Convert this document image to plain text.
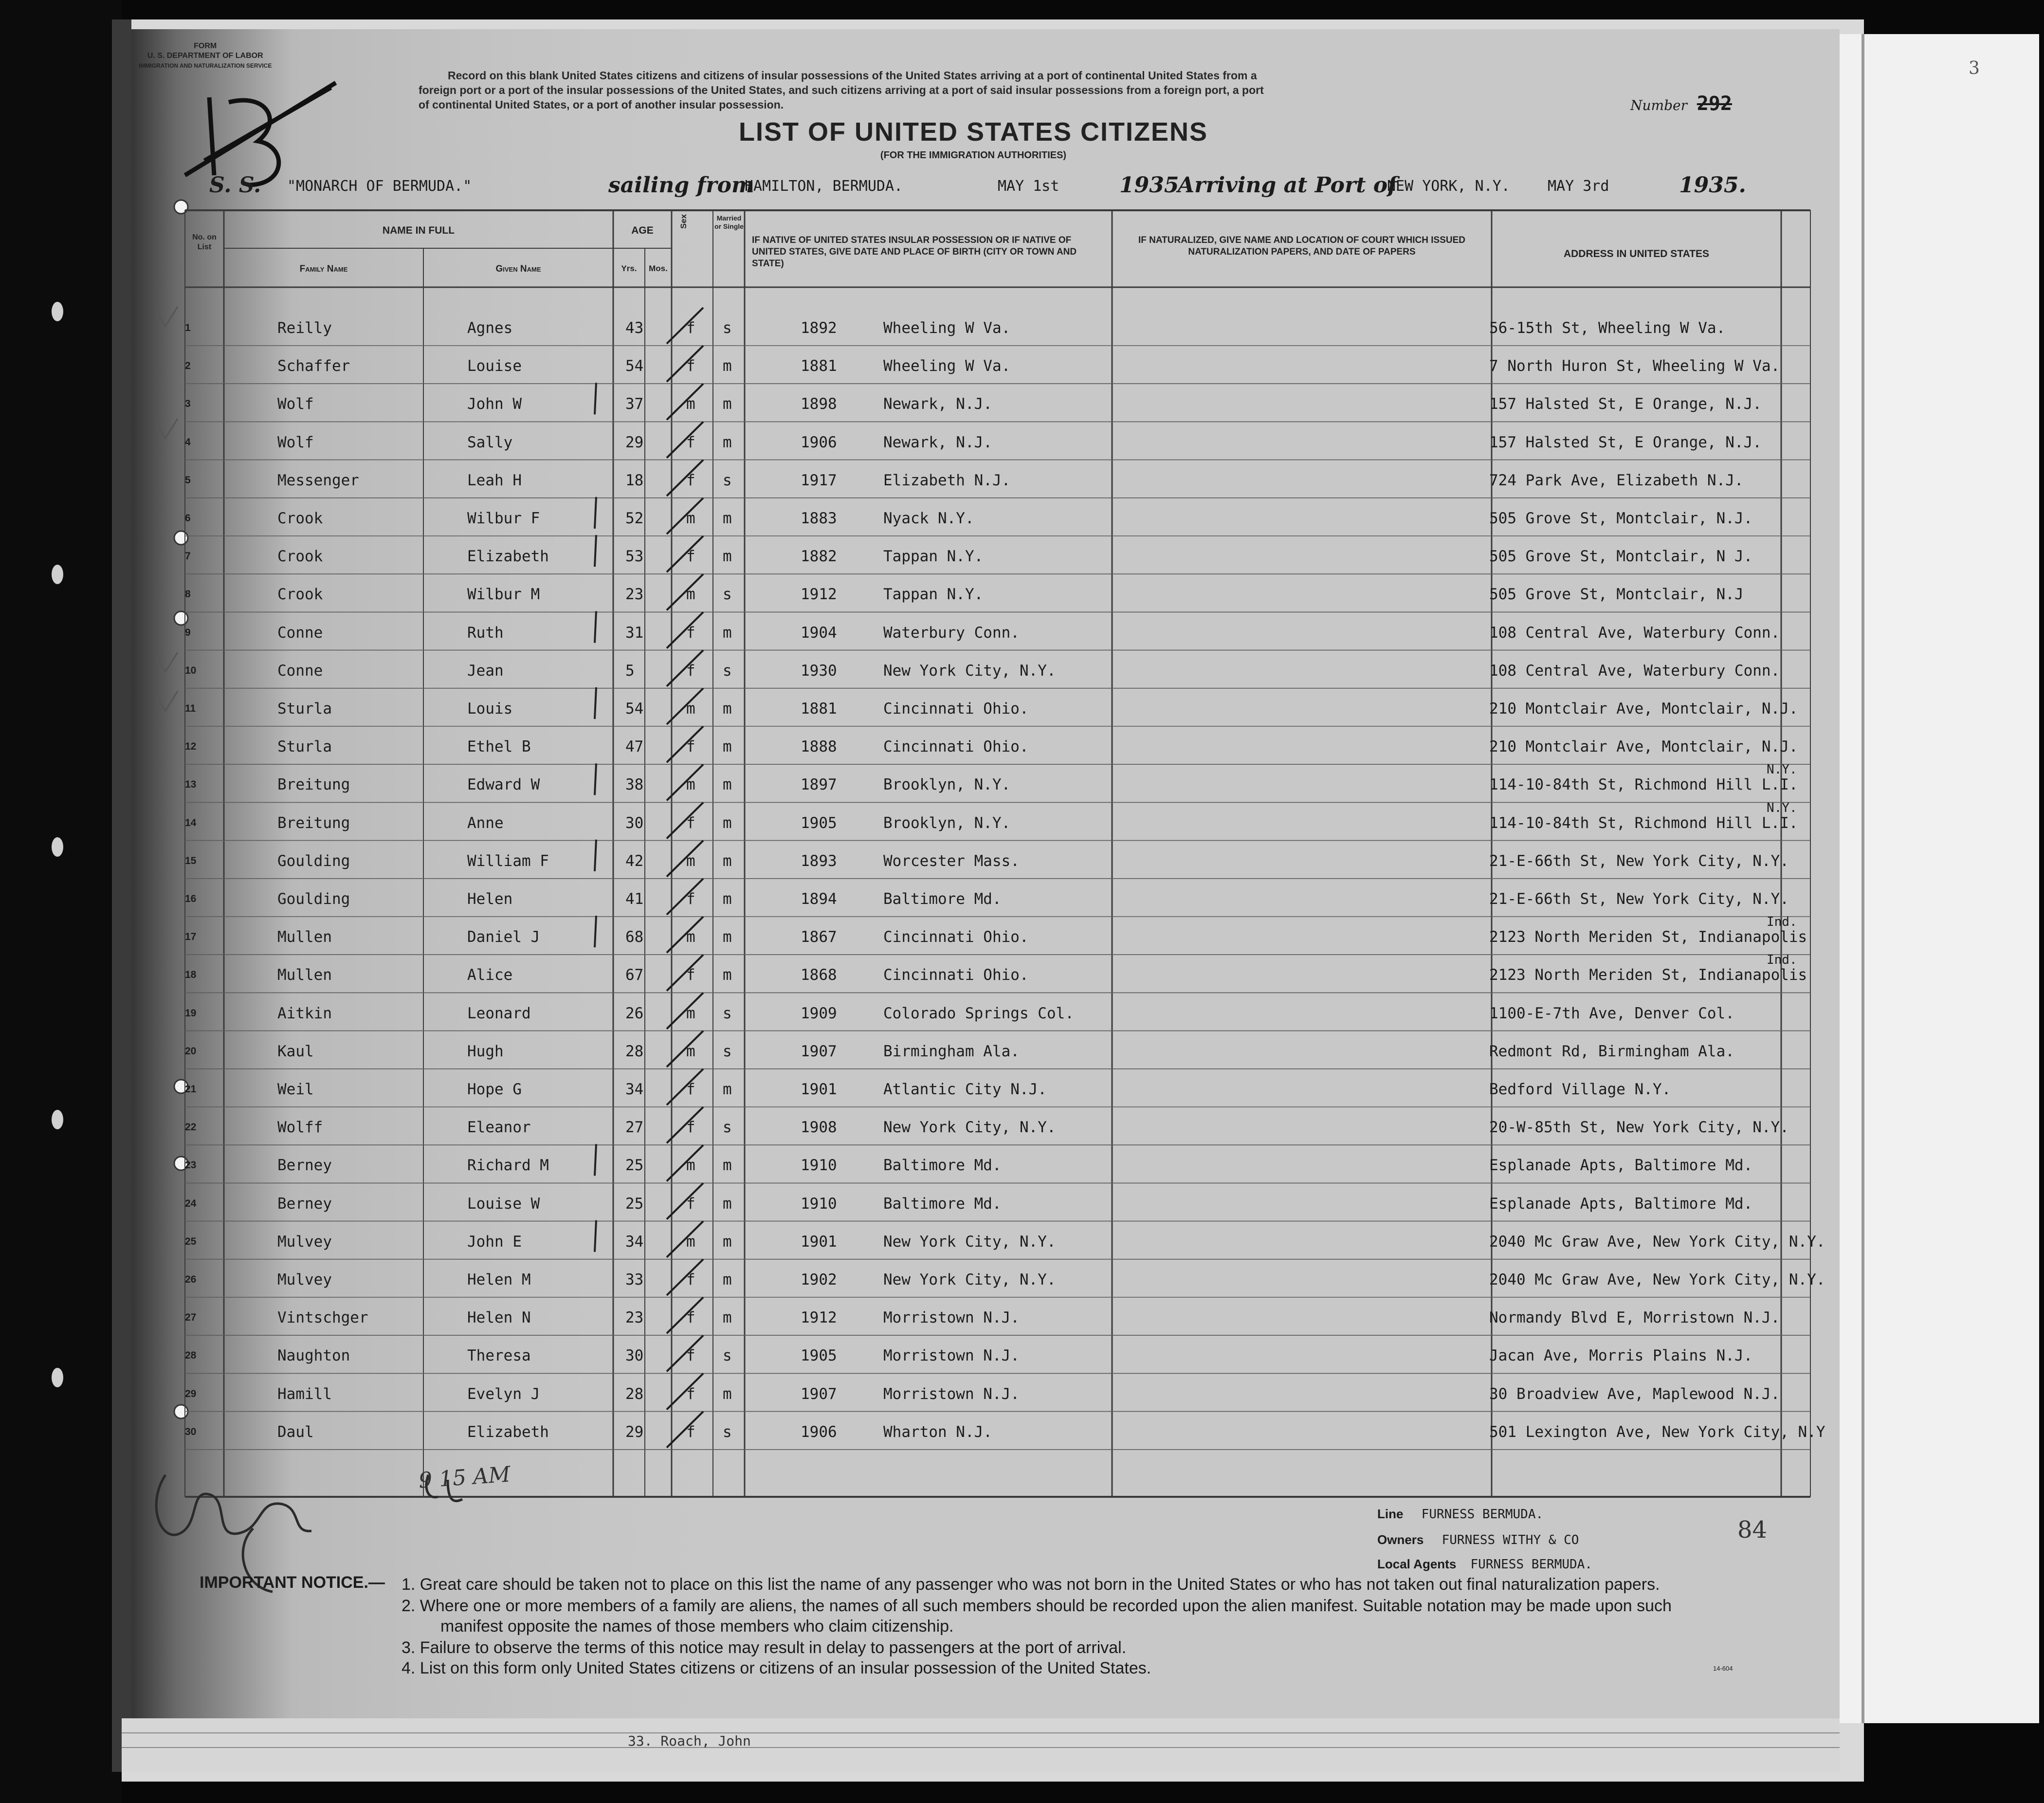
FORM
U. S. DEPARTMENT OF LABOR
IMMIGRATION AND NATURALIZATION SERVICE
Record on this blank United States citizens and citizens of insular possessions of the United States arriving at a port of continental United States from a
foreign port or a port of the insular possessions of the United States, and such citizens arriving at a port of said insular possessions from a foreign port, a port
of continental United States, or a port of another insular possession.	Number 292
LIST OF UNITED STATES CITIZENS
(FOR THE IMMIGRATION AUTHORITIES)
S. S. "MONARCH OF BERMUDA."	sailing from
HAMILTON, BERMUDA.	MAY 1st	1935
Arriving at Port of
NEW YORK, N.Y.	MAY 3rd	1935.
No. on List
NAME IN FULL
Family Name	Given Name
AGE
Yrs.	Mos.
Sex	Married or Single
IF NATIVE OF UNITED STATES INSULAR POSSESSION OR IF NATIVE OF UNITED STATES, GIVE DATE AND PLACE OF BIRTH (CITY OR TOWN AND STATE)
IF NATURALIZED, GIVE NAME AND LOCATION OF COURT WHICH ISSUED NATURALIZATION PAPERS, AND DATE OF PAPERS	ADDRESS IN UNITED STATES
1	Reilly	Agnes	43	f s	1892	Wheeling W Va.	56-15th St, Wheeling W Va.
2	Schaffer	Louise	54	f m	1881	Wheeling W Va.	7 North Huron St, Wheeling W Va.
3	Wolf	John W	37	m m	1898	Newark, N.J.	157 Halsted St, E Orange, N.J.
4	Wolf	Sally	29	f m	1906	Newark, N.J.	157 Halsted St, E Orange, N.J.
5	Messenger	Leah H	18	f s	1917	Elizabeth N.J.	724 Park Ave, Elizabeth N.J.
6	Crook	Wilbur F	52	m m	1883	Nyack N.Y.	505 Grove St, Montclair, N.J.
7	Crook	Elizabeth	53	f m	1882	Tappan N.Y.	505 Grove St, Montclair, N J.
8	Crook	Wilbur M	23	m s	1912	Tappan N.Y.	505 Grove St, Montclair, N.J
9	Conne	Ruth	31	f m	1904	Waterbury Conn.	108 Central Ave, Waterbury Conn.
10	Conne	Jean	5	f s	1930	New York City, N.Y.	108 Central Ave, Waterbury Conn.
11	Sturla	Louis	54	m m	1881	Cincinnati Ohio.	210 Montclair Ave, Montclair, N.J.
12	Sturla	Ethel B	47	f m	1888	Cincinnati Ohio.	210 Montclair Ave, Montclair, N.J.
13	Breitung	Edward W	38	m m	1897	Brooklyn, N.Y.	114-10-84th St, Richmond Hill L.I.
N.Y.
14	Breitung	Anne	30	f m	1905	Brooklyn, N.Y.	114-10-84th St, Richmond Hill L.I.
N.Y.
15	Goulding	William F	42	m m	1893	Worcester Mass.	21-E-66th St, New York City, N.Y.
16	Goulding	Helen	41	f m	1894	Baltimore Md.	21-E-66th St, New York City, N.Y.
17	Mullen	Daniel J	68	m m	1867	Cincinnati Ohio.	2123 North Meriden St, Indianapolis
Ind.
18	Mullen	Alice	67	f m	1868	Cincinnati Ohio.	2123 North Meriden St, Indianapolis
Ind.
19	Aitkin	Leonard	26	m s	1909	Colorado Springs Col.	1100-E-7th Ave, Denver Col.
20	Kaul	Hugh	28	m s	1907	Birmingham Ala.	Redmont Rd, Birmingham Ala.
21	Weil	Hope G	34	f m	1901	Atlantic City N.J.	Bedford Village N.Y.
22	Wolff	Eleanor	27	f s	1908	New York City, N.Y.	20-W-85th St, New York City, N.Y.
23	Berney	Richard M	25	m m	1910	Baltimore Md.	Esplanade Apts, Baltimore Md.
24	Berney	Louise W	25	f m	1910	Baltimore Md.	Esplanade Apts, Baltimore Md.
25	Mulvey	John E	34	m m	1901	New York City, N.Y.	2040 Mc Graw Ave, New York City, N.Y.
26	Mulvey	Helen M	33	f m	1902	New York City, N.Y.	2040 Mc Graw Ave, New York City, N.Y.
27	Vintschger	Helen N	23	f m	1912	Morristown N.J.	Normandy Blvd E, Morristown N.J.
28	Naughton	Theresa	30	f s	1905	Morristown N.J.	Jacan Ave, Morris Plains N.J.
29	Hamill	Evelyn J	28	f m	1907	Morristown N.J.	30 Broadview Ave, Maplewood N.J.
30	Daul	Elizabeth	29	f s	1906	Wharton N.J.	501 Lexington Ave, New York City, N.Y
9 15 AM
Line FURNESS BERMUDA.
Owners FURNESS WITHY & CO
Local Agents FURNESS BERMUDA.
84
IMPORTANT NOTICE.— 1. Great care should be taken not to place on this list the name of any passenger who was not born in the United States or who has not taken out final naturalization papers.
2. Where one or more members of a family are aliens, the names of all such members should be recorded upon the alien manifest. Suitable notation may be made upon such
manifest opposite the names of those members who claim citizenship.
3. Failure to observe the terms of this notice may result in delay to passengers at the port of arrival.
4. List on this form only United States citizens or citizens of an insular possession of the United States.	14-604
33. Roach, John
3
